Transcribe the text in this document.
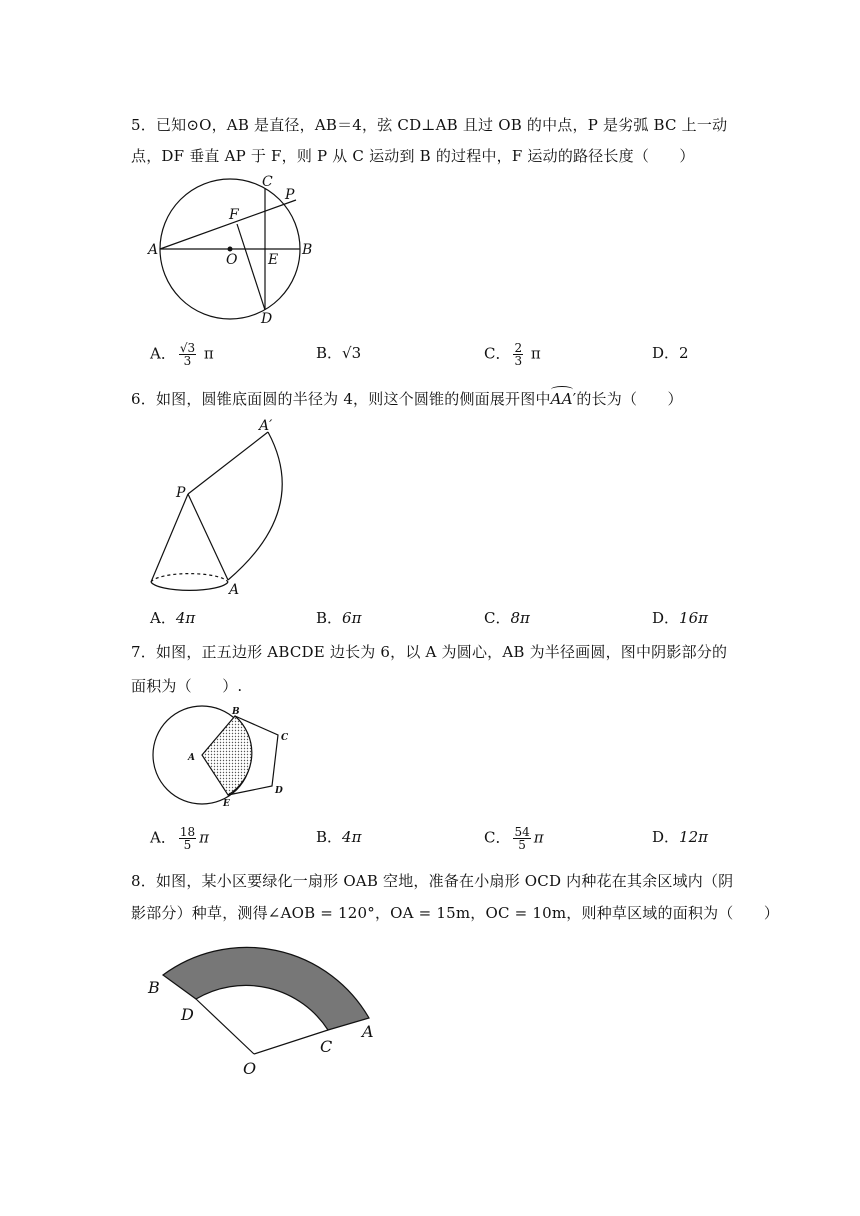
5．已知⊙O，AB 是直径，AB＝4，弦 CD⊥AB 且过 OB 的中点，P 是劣弧 BC 上一动
点，DF 垂直 AP 于 F，则 P 从 C 运动到 B 的过程中，F 运动的路径长度（　　）
A
O E
B
C
P
F
D
A． $\frac{√3}{3}$ π	B．√3	C． $\frac{2}{3}$ π	D．2
6．如图，圆锥底面圆的半径为 4，则这个圆锥的侧面展开图中AA′的长为（　　）
A′
P
A
A．4π	B．6π	C．8π	D．16π
7．如图，正五边形 ABCDE 边长为 6，以 A 为圆心，AB 为半径画圆，图中阴影部分的
面积为（　　）.
A
B
C
D
E
A． $\frac{18}{5}$ π	B．4π	C． $\frac{54}{5}$ π	D．12π
8．如图，某小区要绿化一扇形 OAB 空地，准备在小扇形 OCD 内种花在其余区域内（阴
影部分）种草，测得∠AOB = 120°，OA = 15m，OC = 10m，则种草区域的面积为（　　）
B
D
C
A
O
